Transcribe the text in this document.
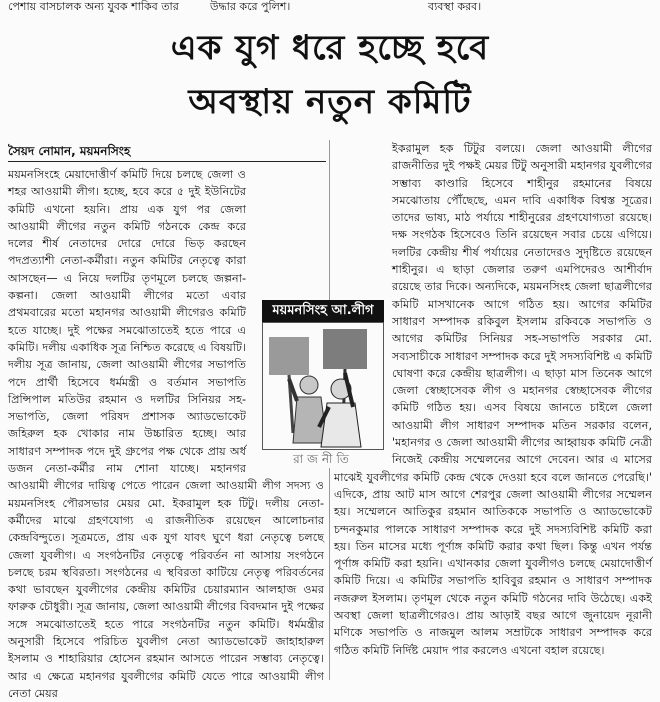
পেশায় বাসচালক অন্য যুবক শাকিব তার	উদ্ধার করে পুলিশ।	ব্যবস্থা করব।
এক যুগ ধরে হচ্ছে হবে
অবস্থায় নতুন কমিটি
সৈয়দ নোমান, ময়মনসিংহ

ময়মনসিংহে মেয়াদোত্তীর্ণ কমিটি দিয়ে চলছে জেলা ও শহর আওয়ামী লীগ। হচ্ছে, হবে করে ৫ দুই ইউনিটের কমিটি এখনো হয়নি। প্রায় এক যুগ পর জেলা আওয়ামী লীগের নতুন কমিটি গঠনকে কেন্দ্র করে দলের শীর্ষ নেতাদের দোরে দোরে ভিড় করছেন পদপ্রত্যাশী নেতা-কর্মীরা। নতুন কমিটির নেতৃত্বে কারা আসছেন— এ নিয়ে দলটির তৃণমূলে চলছে জল্পনা-কল্পনা। জেলা আওয়ামী লীগের মতো এবার প্রথমবারের মতো মহানগর আওয়ামী লীগেরও কমিটি হতে যাচ্ছে। দুই পক্ষের সমঝোতাতেই হতে পারে এ কমিটি। দলীয় একাধিক সূত্র নিশ্চিত করেছে এ বিষয়টি। দলীয় সূত্র জানায়, জেলা আওয়ামী লীগের সভাপতি পদে প্রার্থী হিসেবে ধর্মমন্ত্রী ও বর্তমান সভাপতি প্রিন্সিপাল মতিউর রহমান ও দলটির সিনিয়র সহ-সভাপতি, জেলা পরিষদ প্রশাসক অ্যাডভোকেট জহিরুল হক খোকার নাম উচ্চারিত হচ্ছে। আর সাধারণ সম্পাদক পদে দুই গ্রুপের পক্ষ থেকে প্রায় অর্ধ ডজন নেতা-কর্মীর নাম শোনা যাচ্ছে। মহানগর আওয়ামী লীগের দায়িত্ব পেতে পারেন জেলা আওয়ামী লীগ সদস্য ও ময়মনসিংহ পৌরসভার মেয়র মো. ইকরামুল হক টিটু। দলীয় নেতা-কর্মীদের মাঝে গ্রহণযোগ্য এ রাজনীতিক রয়েছেন আলোচনার কেন্দ্রবিন্দুতে। সূত্রমতে, প্রায় এক যুগ যাবৎ ঘুণে ধরা নেতৃত্বে চলছে জেলা যুবলীগ। এ সংগঠনটির নেতৃত্বে পরিবর্তন না আসায় সংগঠনে চলছে চরম স্থবিরতা। সংগঠনের এ স্থবিরতা কাটিয়ে নেতৃত্ব পরিবর্তনের কথা ভাবছেন যুবলীগের কেন্দ্রীয় কমিটির চেয়ারম্যান আলহাজ ওমর ফারুক চৌধুরী। সূত্র জানায়, জেলা আওয়ামী লীগের বিবদমান দুই পক্ষের সঙ্গে সমঝোতাতেই হতে পারে সংগঠনটির নতুন কমিটি। ধর্মমন্ত্রীর অনুসারী হিসেবে পরিচিত যুবলীগ নেতা অ্যাডভোকেট জাহাহারুল ইসলাম ও শাহারিয়ার হোসেন রহমান আসতে পারেন সম্ভাব্য নেতৃত্বে। আর এ ক্ষেত্রে মহানগর যুবলীগের কমিটি যেতে পারে আওয়ামী লীগ নেতা মেয়র

ইকরামুল হক টিটুর বলয়ে। জেলা আওয়ামী লীগের রাজনীতির দুই পক্ষই মেয়র টিটু অনুসারী মহানগর যুবলীগের সম্ভাব্য কাণ্ডারি হিসেবে শাহীনুর রহমানের বিষয়ে সমঝোতায় পৌঁছেছে, এমন দাবি একাধিক বিশ্বস্ত সূত্রের। তাদের ভাষ্য, মাঠ পর্যায়ে শাহীনুরের গ্রহণযোগ্যতা রয়েছে। দক্ষ সংগঠক হিসেবেও তিনি রয়েছেন সবার চেয়ে এগিয়ে। দলটির কেন্দ্রীয় শীর্ষ পর্যায়ের নেতাদেরও সুদৃষ্টিতে রয়েছেন শাহীনুর। এ ছাড়া জেলার তরুণ এমপিদেরও আশীর্বাদ রয়েছে তার দিকে। অন্যদিকে, ময়মনসিংহ জেলা ছাত্রলীগের কমিটি মাসখানেক আগে গঠিত হয়। আগের কমিটির সাধারণ সম্পাদক রকিবুল ইসলাম রকিবকে সভাপতি ও আগের কমিটির সিনিয়র সহ-সভাপতি সরকার মো. সব্যসাচীকে সাধারণ সম্পাদক করে দুই সদস্যবিশিষ্ট এ কমিটি ঘোষণা করে কেন্দ্রীয় ছাত্রলীগ। এ ছাড়া মাস তিনেক আগে জেলা স্বেচ্ছাসেবক লীগ ও মহানগর স্বেচ্ছাসেবক লীগের কমিটি গঠিত হয়। এসব বিষয়ে জানতে চাইলে জেলা আওয়ামী লীগ সাধারণ সম্পাদক মতিন সরকার বলেন, 'মহানগর ও জেলা আওয়ামী লীগের আহ্বায়ক কমিটি নেত্রী নিজেই কেন্দ্রীয় সম্মেলনের আগে দেবেন। আর এ মাসের মাঝেই যুবলীগের কমিটি কেন্দ্র থেকে দেওয়া হবে বলে জানতে পেরেছি।' এদিকে, প্রায় আট মাস আগে শেরপুর জেলা আওয়ামী লীগের সম্মেলন হয়। সম্মেলনে আতিকুর রহমান আতিককে সভাপতি ও অ্যাডভোকেট চন্দনকুমার পালকে সাধারণ সম্পাদক করে দুই সদস্যবিশিষ্ট কমিটি করা হয়। তিন মাসের মধ্যে পূর্ণাঙ্গ কমিটি করার কথা ছিল। কিন্তু এখন পর্যন্ত পূর্ণাঙ্গ কমিটি করা হয়নি। এখানকার জেলা যুবলীগও চলছে মেয়াদোত্তীর্ণ কমিটি দিয়ে। এ কমিটির সভাপতি হাবিবুর রহমান ও সাধারণ সম্পাদক নজরুল ইসলাম। তৃণমূল থেকে নতুন কমিটি গঠনের দাবি উঠেছে। একই অবস্থা জেলা ছাত্রলীগেরও। প্রায় আড়াই বছর আগে জুনায়েদ নূরানী মণিকে সভাপতি ও নাজমুল আলম সম্রাটকে সাধারণ সম্পাদক করে গঠিত কমিটি নির্দিষ্ট মেয়াদ পার করলেও এখনো বহাল রয়েছে।

ময়মনসিংহ আ.লীগ
রাজনীতি
